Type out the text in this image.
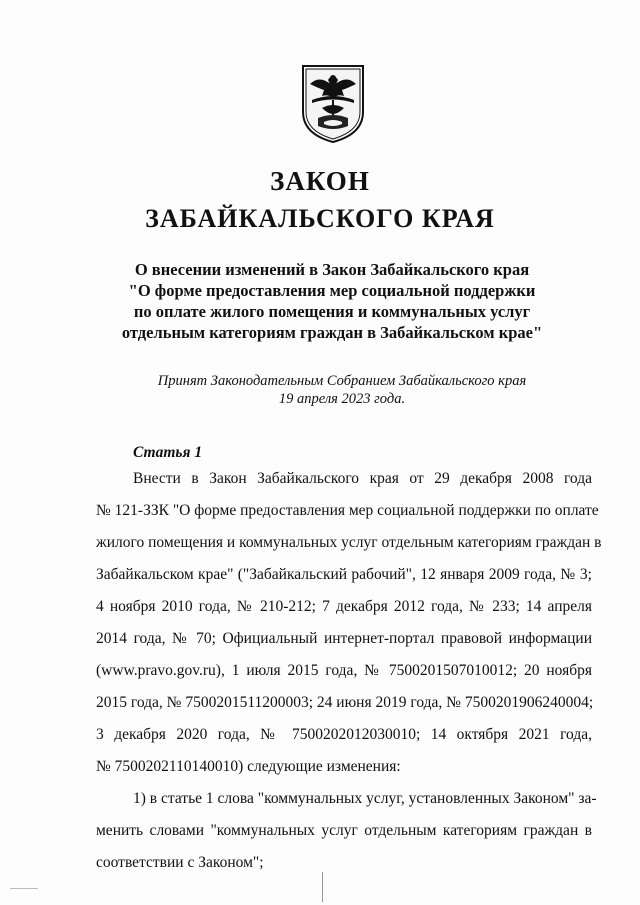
ЗАКОН
ЗАБАЙКАЛЬСКОГО КРАЯ
О внесении изменений в Закон Забайкальского края
"О форме предоставления мер социальной поддержки
по оплате жилого помещения и коммунальных услуг
отдельным категориям граждан в Забайкальском крае"
Принят Законодательным Собранием Забайкальского края
19 апреля 2023 года.
Статья 1
Внести в Закон Забайкальского края от 29 декабря 2008 года
№ 121-ЗЗК "О форме предоставления мер социальной поддержки по оплате
жилого помещения и коммунальных услуг отдельным категориям граждан в
Забайкальском крае" ("Забайкальский рабочий", 12 января 2009 года, № 3;
4 ноября 2010 года, № 210-212; 7 декабря 2012 года, № 233; 14 апреля
2014 года, № 70; Официальный интернет-портал правовой информации
(www.pravo.gov.ru), 1 июля 2015 года, № 7500201507010012; 20 ноября
2015 года, № 7500201511200003; 24 июня 2019 года, № 7500201906240004;
3 декабря 2020 года, № 7500202012030010; 14 октября 2021 года,
№ 7500202110140010) следующие изменения:
1) в статье 1 слова "коммунальных услуг, установленных Законом" за-
менить словами "коммунальных услуг отдельным категориям граждан в
соответствии с Законом";
